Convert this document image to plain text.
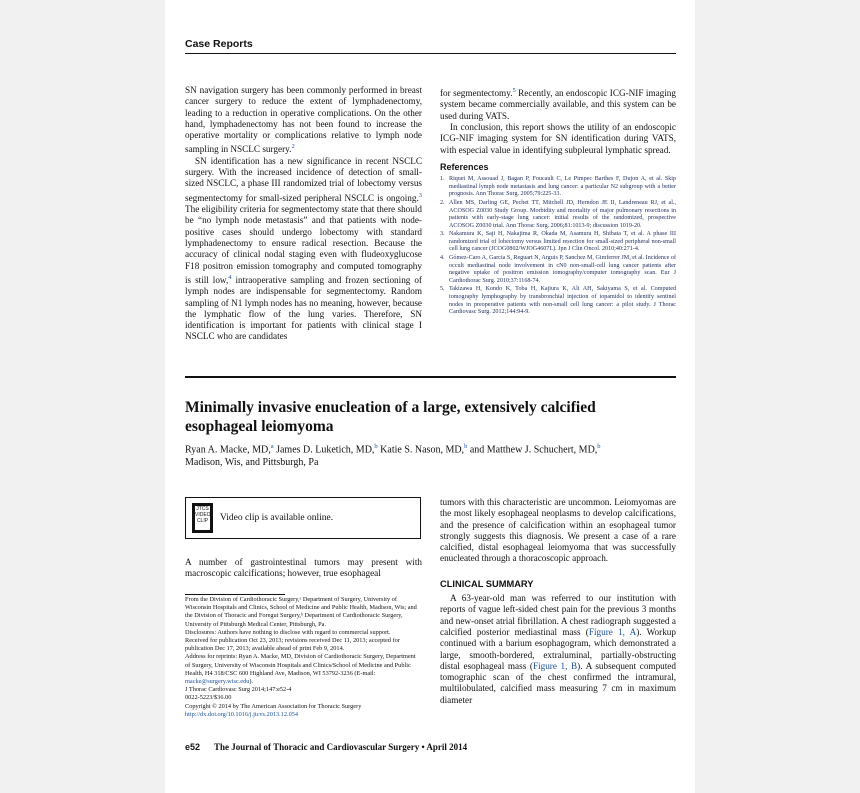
Case Reports

SN navigation surgery has been commonly performed in breast cancer surgery to reduce the extent of lymphadenectomy, leading to a reduction in operative complications. On the other hand, lymphadenectomy has not been found to increase the operative mortality or complications relative to lymph node sampling in NSCLC surgery.$^2$

SN identification has a new significance in recent NSCLC surgery. With the increased incidence of detection of small-sized NSCLC, a phase III randomized trial of lobectomy versus segmentectomy for small-sized peripheral NSCLC is ongoing.$^3$ The eligibility criteria for segmentectomy state that there should be “no lymph node metastasis” and that patients with node-positive cases should undergo lobectomy with standard lymphadenectomy to ensure radical resection. Because the accuracy of clinical nodal staging even with fludeoxyglucose F18 positron emission tomography and computed tomography is still low,$^4$ intraoperative sampling and frozen sectioning of lymph nodes are indispensable for segmentectomy. Random sampling of N1 lymph nodes has no meaning, however, because the lymphatic flow of the lung varies. Therefore, SN identification is important for patients with clinical stage I NSCLC who are candidates

for segmentectomy.$^5$ Recently, an endoscopic ICG-NIF imaging system became commercially available, and this system can be used during VATS.

In conclusion, this report shows the utility of an endoscopic ICG-NIF imaging system for SN identification during VATS, with especial value in identifying subpleural lymphatic spread.

References
1. Riquet M, Assouad J, Bagan P, Foucault C, Le Pimpec Barthes F, Dujon A, et al. Skip mediastinal lymph node metastasis and lung cancer: a particular N2 subgroup with a better prognosis. Ann Thorac Surg. 2005;79:225-33.
2. Allen MS, Darling GE, Pechet TT, Mitchell JD, Herndon JE II, Landreneau RJ, et al., ACOSOG Z0030 Study Group. Morbidity and mortality of major pulmonary resections in patients with early-stage lung cancer: initial results of the randomized, prospective ACOSOG Z0030 trial. Ann Thorac Surg. 2006;81:1013-9; discussion 1019-20.
3. Nakamura K, Saji H, Nakajima R, Okada M, Asamura H, Shibata T, et al. A phase III randomized trial of lobectomy versus limited resection for small-sized peripheral non-small cell lung cancer (JCOG0802/WJOG4607L). Jpn J Clin Oncol. 2010;40:271-4.
4. Gómez-Caro A, Garcia S, Reguart N, Arguis P, Sanchez M, Gimferrer JM, et al. Incidence of occult mediastinal node involvement in cN0 non-small-cell lung cancer patients after negative uptake of positron emission tomography/computer tomography scan. Eur J Cardiothorac Surg. 2010;37:1168-74.
5. Takizawa H, Kondo K, Toba H, Kajiura K, Ali AH, Sakiyama S, et al. Computed tomography lymphography by transbronchial injection of iopamidol to identify sentinel nodes in preoperative patients with non-small cell lung cancer: a pilot study. J Thorac Cardiovasc Surg. 2012;144:94-9.
Minimally invasive enucleation of a large, extensively calcified esophageal leiomyoma
Ryan A. Macke, MD,$^a$ James D. Luketich, MD,$^b$ Katie S. Nason, MD,$^b$ and Matthew J. Schuchert, MD,$^b$
Madison, Wis, and Pittsburgh, Pa
JTCS VIDEO CLIP Video clip is available online.

A number of gastrointestinal tumors may present with macroscopic calcifications; however, true esophageal

From the Division of Cardiothoracic Surgery,ᵃ Department of Surgery, University of Wisconsin Hospitals and Clinics, School of Medicine and Public Health, Madison, Wis; and the Division of Thoracic and Foregut Surgery,ᵇ Department of Cardiothoracic Surgery, University of Pittsburgh Medical Center, Pittsburgh, Pa.

Disclosures: Authors have nothing to disclose with regard to commercial support.

Received for publication Oct 23, 2013; revisions received Dec 11, 2013; accepted for publication Dec 17, 2013; available ahead of print Feb 9, 2014.

Address for reprints: Ryan A. Macke, MD, Division of Cardiothoracic Surgery, Department of Surgery, University of Wisconsin Hospitals and Clinics/School of Medicine and Public Health, H4 318/CSC 600 Highland Ave, Madison, WI 53792-3236 (E-mail: macke@surgery.wisc.edu).

J Thorac Cardiovasc Surg 2014;147:e52-4

0022-5223/$36.00

Copyright © 2014 by The American Association for Thoracic Surgery

http://dx.doi.org/10.1016/j.jtcvs.2013.12.054

tumors with this characteristic are uncommon. Leiomyomas are the most likely esophageal neoplasms to develop calcifications, and the presence of calcification within an esophageal tumor strongly suggests this diagnosis. We present a case of a rare calcified, distal esophageal leiomyoma that was successfully enucleated through a thoracoscopic approach.

CLINICAL SUMMARY

A 63-year-old man was referred to our institution with reports of vague left-sided chest pain for the previous 3 months and new-onset atrial fibrillation. A chest radiograph suggested a calcified posterior mediastinal mass (Figure 1, A). Workup continued with a barium esophagogram, which demonstrated a large, smooth-bordered, extraluminal, partially-obstructing distal esophageal mass (Figure 1, B). A subsequent computed tomographic scan of the chest confirmed the intramural, multilobulated, calcified mass measuring 7 cm in maximum diameter

e52 The Journal of Thoracic and Cardiovascular Surgery • April 2014
